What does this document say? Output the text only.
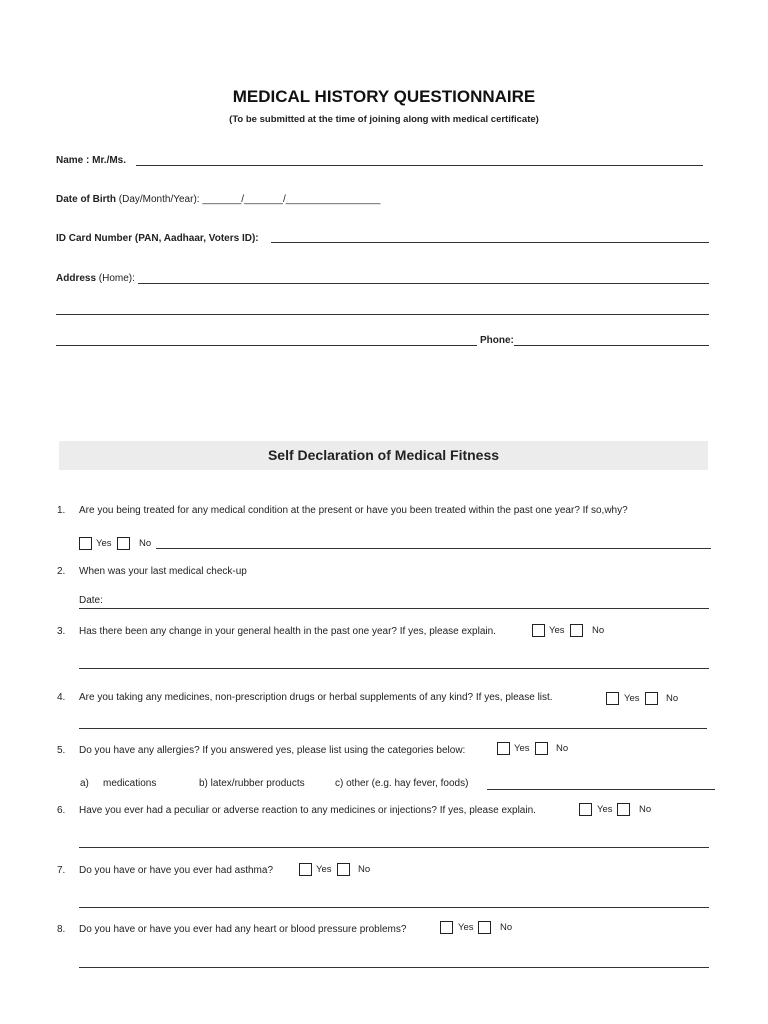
MEDICAL HISTORY QUESTIONNAIRE
(To be submitted at the time of joining along with medical certificate)
Name : Mr./Ms.
Date of Birth (Day/Month/Year): _______/_______/_________________
ID Card Number (PAN, Aadhaar, Voters ID):
Address (Home):
Phone:
Self Declaration of Medical Fitness
1. Are you being treated for any medical condition at the present or have you been treated within the past one year? If so,why?
Yes	No
2. When was your last medical check-up
Date:
3. Has there been any change in your general health in the past one year? If yes, please explain.	Yes	No
4. Are you taking any medicines, non-prescription drugs or herbal supplements of any kind? If yes, please list.	Yes	No
5. Do you have any allergies? If you answered yes, please list using the categories below:	Yes	No
a) medications	b) latex/rubber products	c) other (e.g. hay fever, foods)
6. Have you ever had a peculiar or adverse reaction to any medicines or injections? If yes, please explain.	Yes	No
7. Do you have or have you ever had asthma?	Yes	No
8. Do you have or have you ever had any heart or blood pressure problems?	Yes	No
